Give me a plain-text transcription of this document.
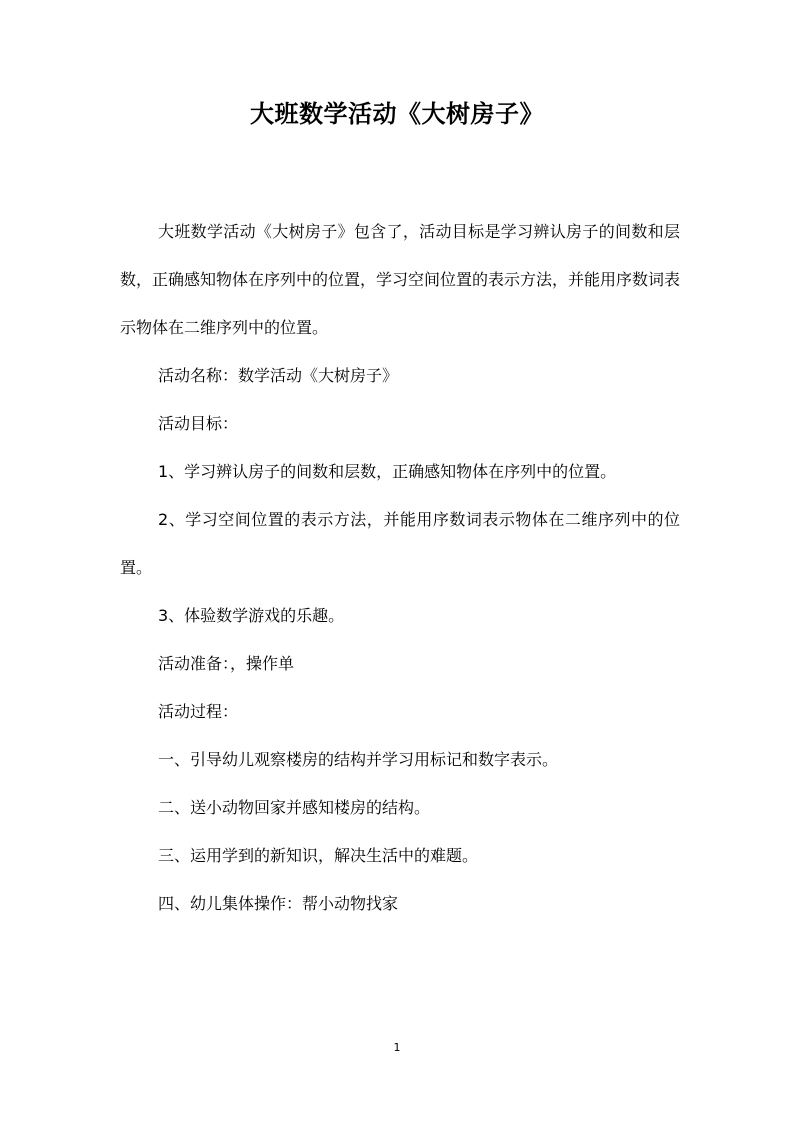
大班数学活动《大树房子》

大班数学活动《大树房子》包含了，活动目标是学习辨认房子的间数和层数，正确感知物体在序列中的位置，学习空间位置的表示方法，并能用序数词表示物体在二维序列中的位置。

活动名称：数学活动《大树房子》

活动目标：

1、学习辨认房子的间数和层数，正确感知物体在序列中的位置。

2、学习空间位置的表示方法，并能用序数词表示物体在二维序列中的位置。

3、体验数学游戏的乐趣。

活动准备：，操作单

活动过程：

一、引导幼儿观察楼房的结构并学习用标记和数字表示。

二、送小动物回家并感知楼房的结构。

三、运用学到的新知识，解决生活中的难题。

四、幼儿集体操作：帮小动物找家

1
